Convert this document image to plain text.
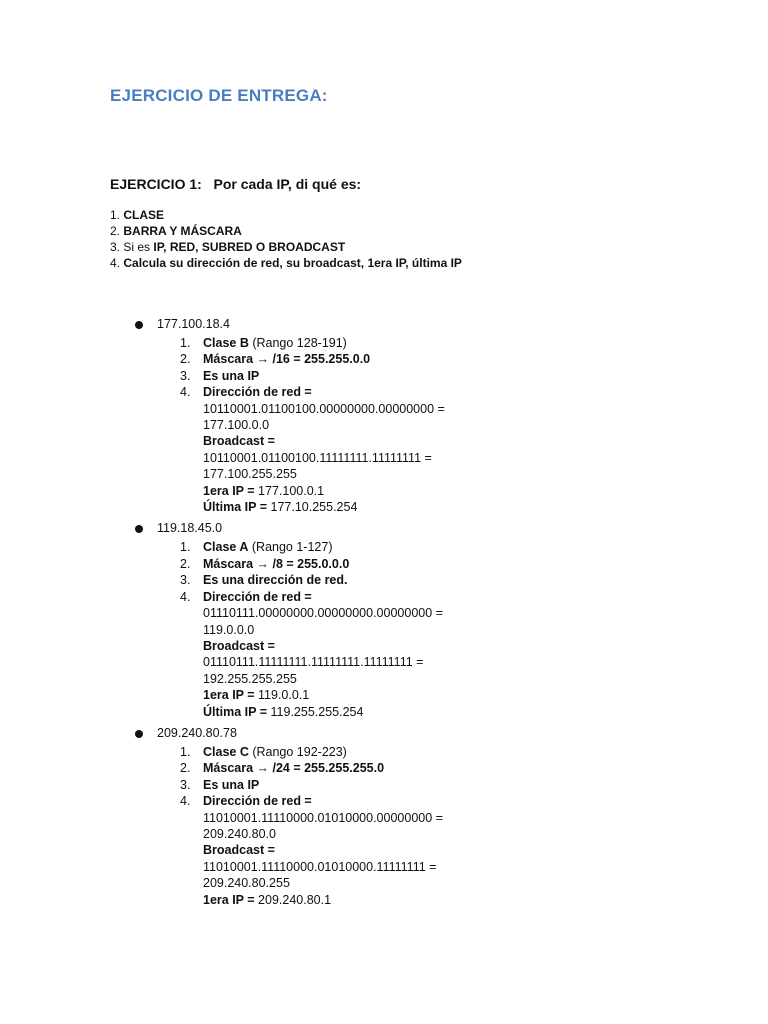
EJERCICIO DE ENTREGA:
EJERCICIO 1: Por cada IP, di qué es:
1. CLASE
2. BARRA Y MÁSCARA
3. Si es IP, RED, SUBRED O BROADCAST
4. Calcula su dirección de red, su broadcast, 1era IP, última IP
177.100.18.4
1. Clase B (Rango 128-191)
2. Máscara → /16 = 255.255.0.0
3. Es una IP
4. Dirección de red =
10110001.01100100.00000000.00000000 =
177.100.0.0
Broadcast =
10110001.01100100.11111111.11111111 =
177.100.255.255
1era IP = 177.100.0.1
Última IP = 177.10.255.254
119.18.45.0
1. Clase A (Rango 1-127)
2. Máscara → /8 = 255.0.0.0
3. Es una dirección de red.
4. Dirección de red =
01110111.00000000.00000000.00000000 =
119.0.0.0
Broadcast =
01110111.11111111.11111111.11111111 =
192.255.255.255
1era IP = 119.0.0.1
Última IP = 119.255.255.254
209.240.80.78
1. Clase C (Rango 192-223)
2. Máscara → /24 = 255.255.255.0
3. Es una IP
4. Dirección de red =
11010001.11110000.01010000.00000000 =
209.240.80.0
Broadcast =
11010001.11110000.01010000.11111111 =
209.240.80.255
1era IP = 209.240.80.1
